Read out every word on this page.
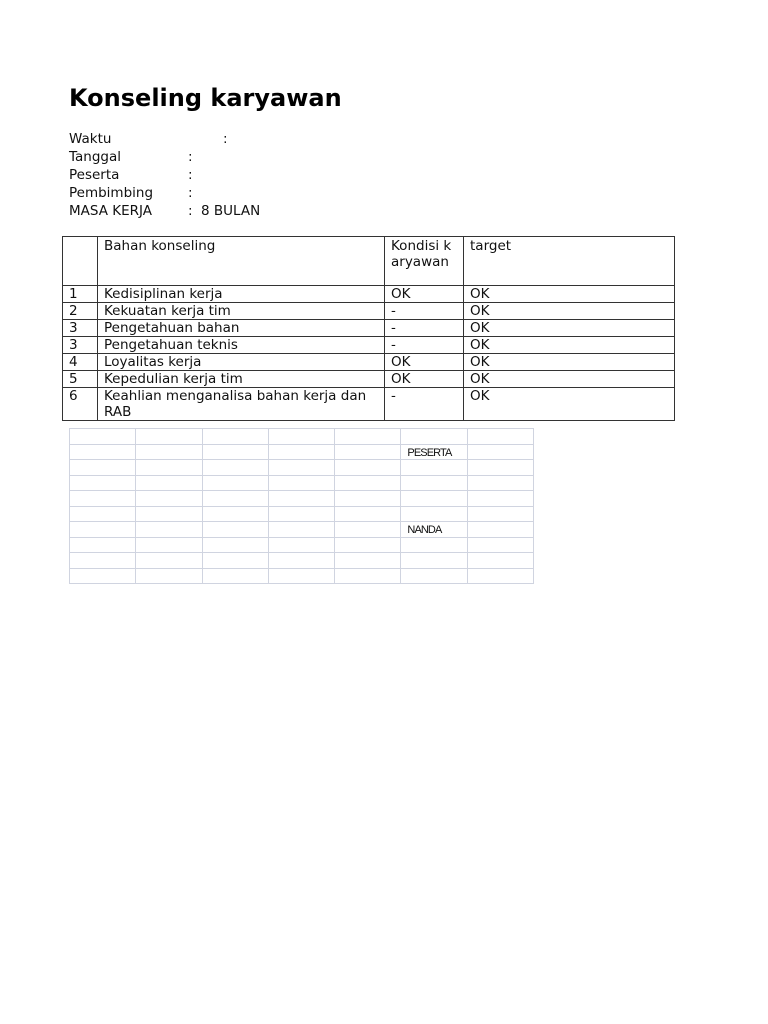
Konseling karyawan
Waktu	:
Tanggal	:
Peserta	:
Pembimbing	:
MASA KERJA	: 8 BULAN
	Bahan konseling	Kondisi karyawan	target
1	Kedisiplinan kerja	OK	OK
2	Kekuatan kerja tim	-	OK
3	Pengetahuan bahan	-	OK
3	Pengetahuan teknis	-	OK
4	Loyalitas kerja	OK	OK
5	Kepedulian kerja tim	OK	OK
6	Keahlian menganalisa bahan kerja dan RAB	-	OK

					PESERTA	

					NANDA	
